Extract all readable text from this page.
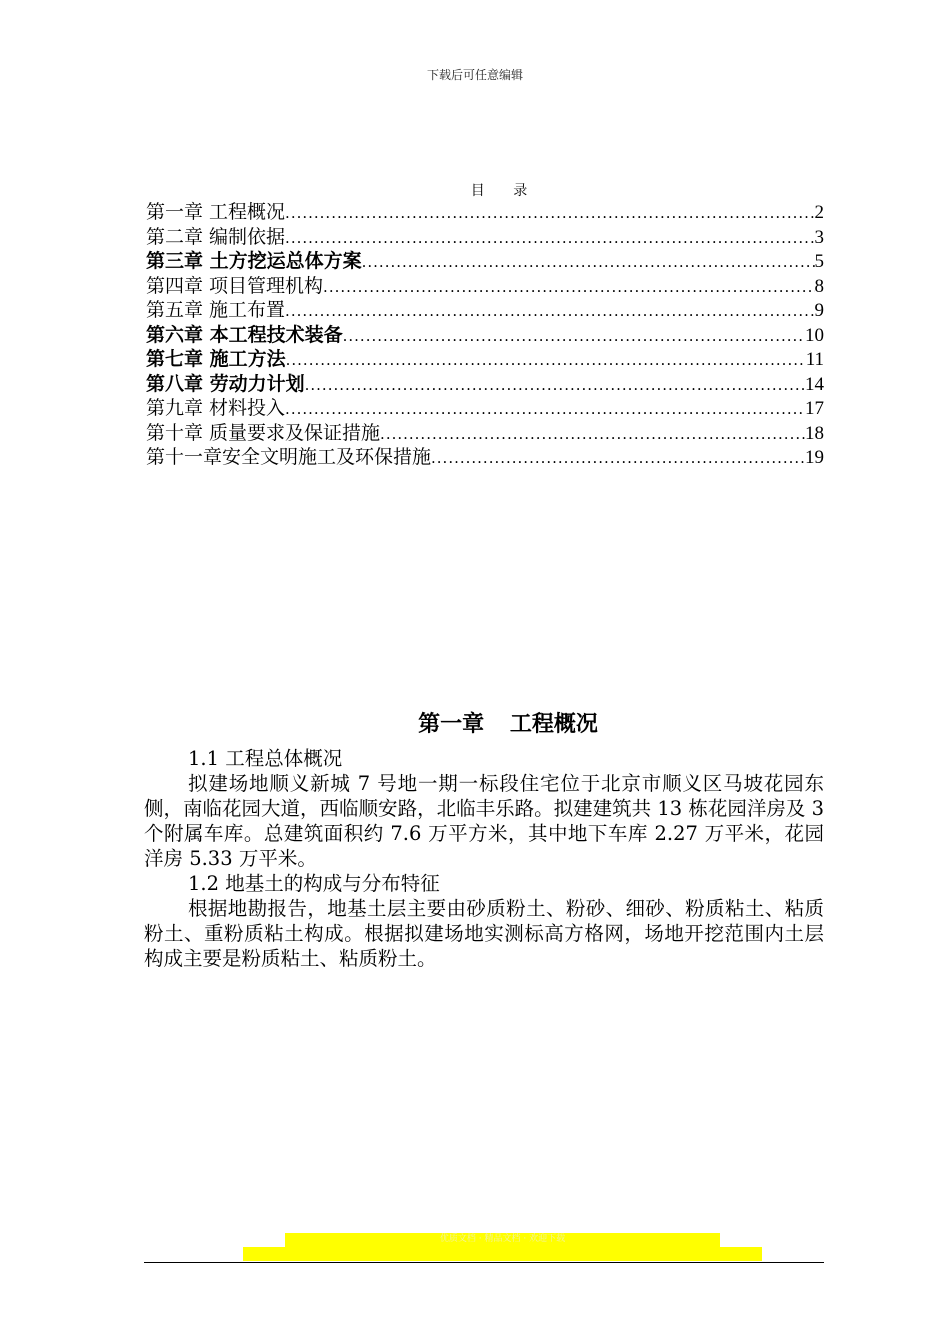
下载后可任意编辑
目 录
第一章 工程概况 .....	2
第二章 编制依据 .....	3
第三章 土方挖运总体方案 .....	5
第四章 项目管理机构 .....	8
第五章 施工布置 .....	9
第六章 本工程技术装备 .....	10
第七章 施工方法 .....	11
第八章 劳动力计划 .....	14
第九章 材料投入 .....	17
第十章 质量要求及保证措施 .....	18
第十一章安全文明施工及环保措施 .....	19
第一章 工程概况

1.1 工程总体概况

拟建场地顺义新城 7 号地一期一标段住宅位于北京市顺义区马坡花园东侧，南临花园大道，西临顺安路，北临丰乐路。拟建建筑共 13 栋花园洋房及 3 个附属车库。总建筑面积约 7.6 万平方米，其中地下车库 2.27 万平米，花园洋房 5.33 万平米。

1.2 地基土的构成与分布特征

根据地勘报告，地基土层主要由砂质粉土、粉砂、细砂、粉质粘土、粘质粉土、重粉质粘土构成。根据拟建场地实测标高方格网，场地开挖范围内土层构成主要是粉质粘土、粘质粉土。

优质文档 · 精品文档 · 欢迎下载
